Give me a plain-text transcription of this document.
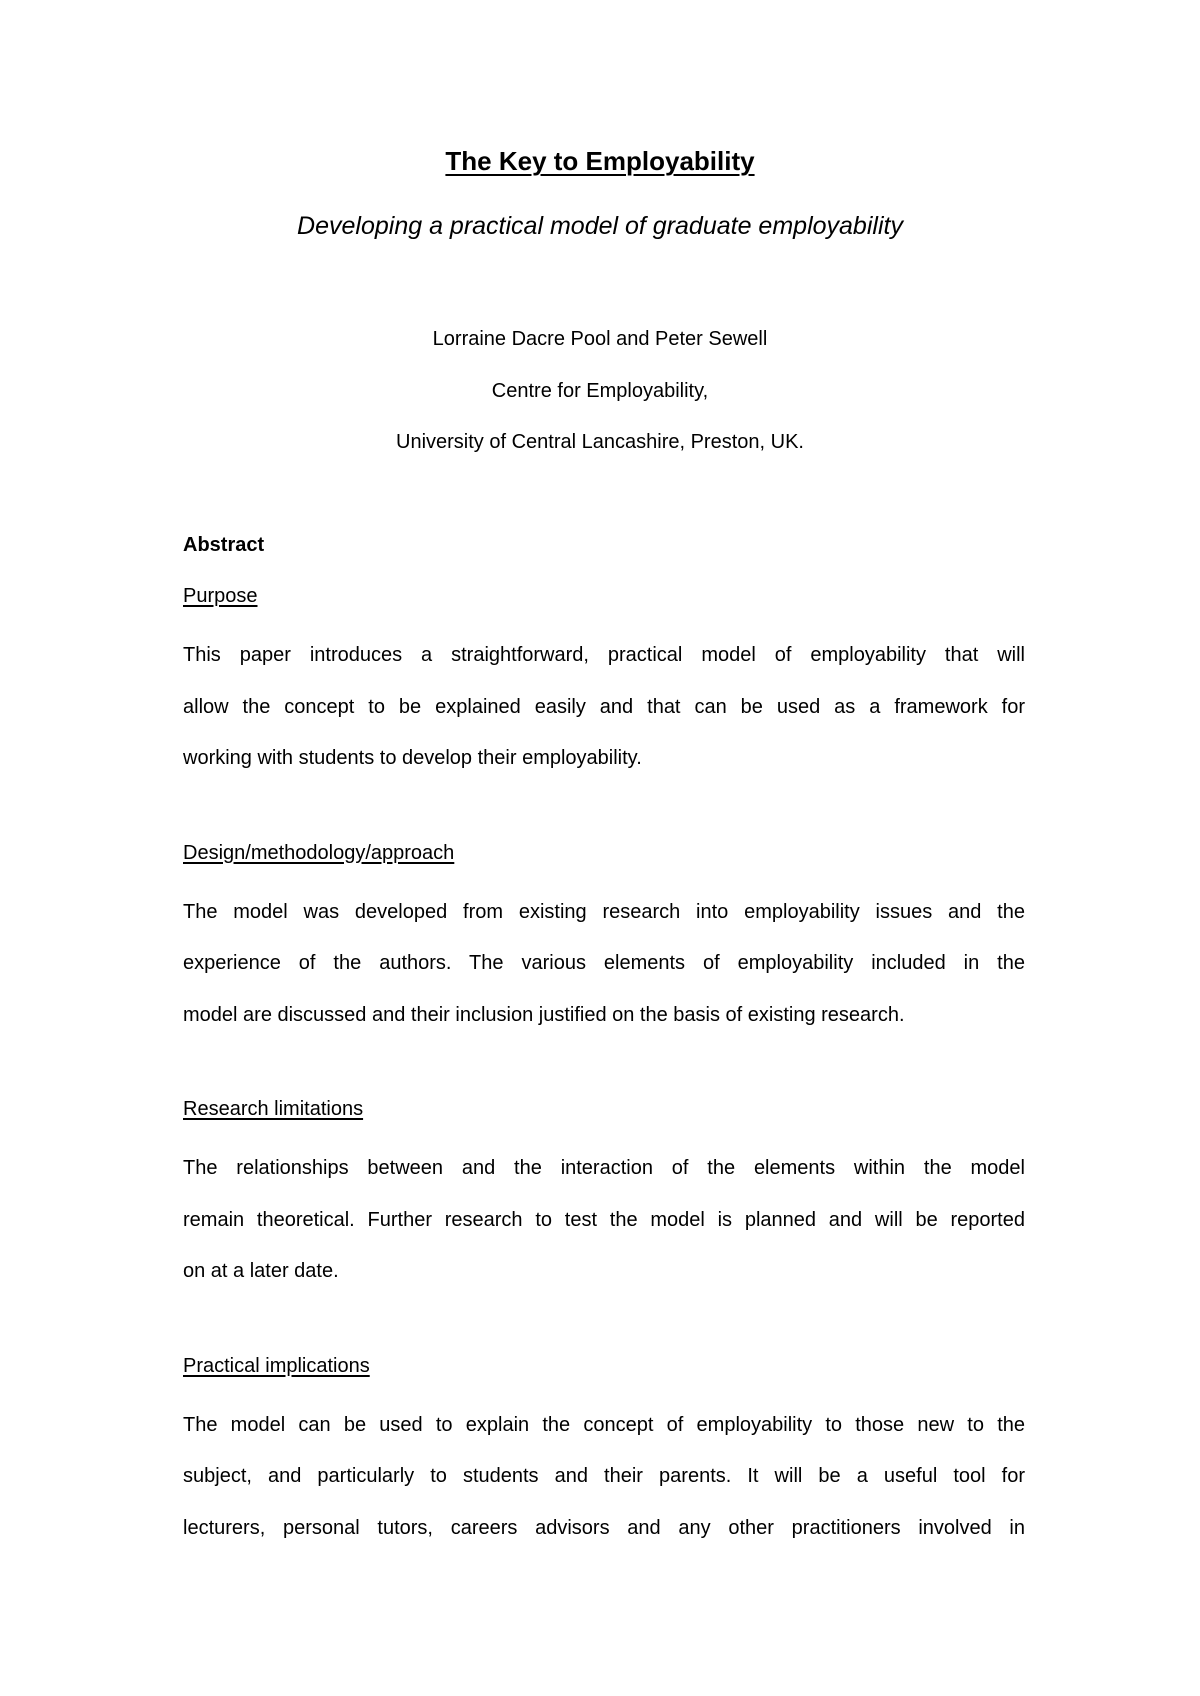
The Key to Employability
Developing a practical model of graduate employability
Lorraine Dacre Pool and Peter Sewell
Centre for Employability,
University of Central Lancashire, Preston, UK.
Abstract
Purpose
This paper introduces a straightforward, practical model of employability that will
allow the concept to be explained easily and that can be used as a framework for
working with students to develop their employability.
Design/methodology/approach
The model was developed from existing research into employability issues and the
experience of the authors. The various elements of employability included in the
model are discussed and their inclusion justified on the basis of existing research.
Research limitations
The relationships between and the interaction of the elements within the model
remain theoretical. Further research to test the model is planned and will be reported
on at a later date.
Practical implications
The model can be used to explain the concept of employability to those new to the
subject, and particularly to students and their parents. It will be a useful tool for
lecturers, personal tutors, careers advisors and any other practitioners involved in
